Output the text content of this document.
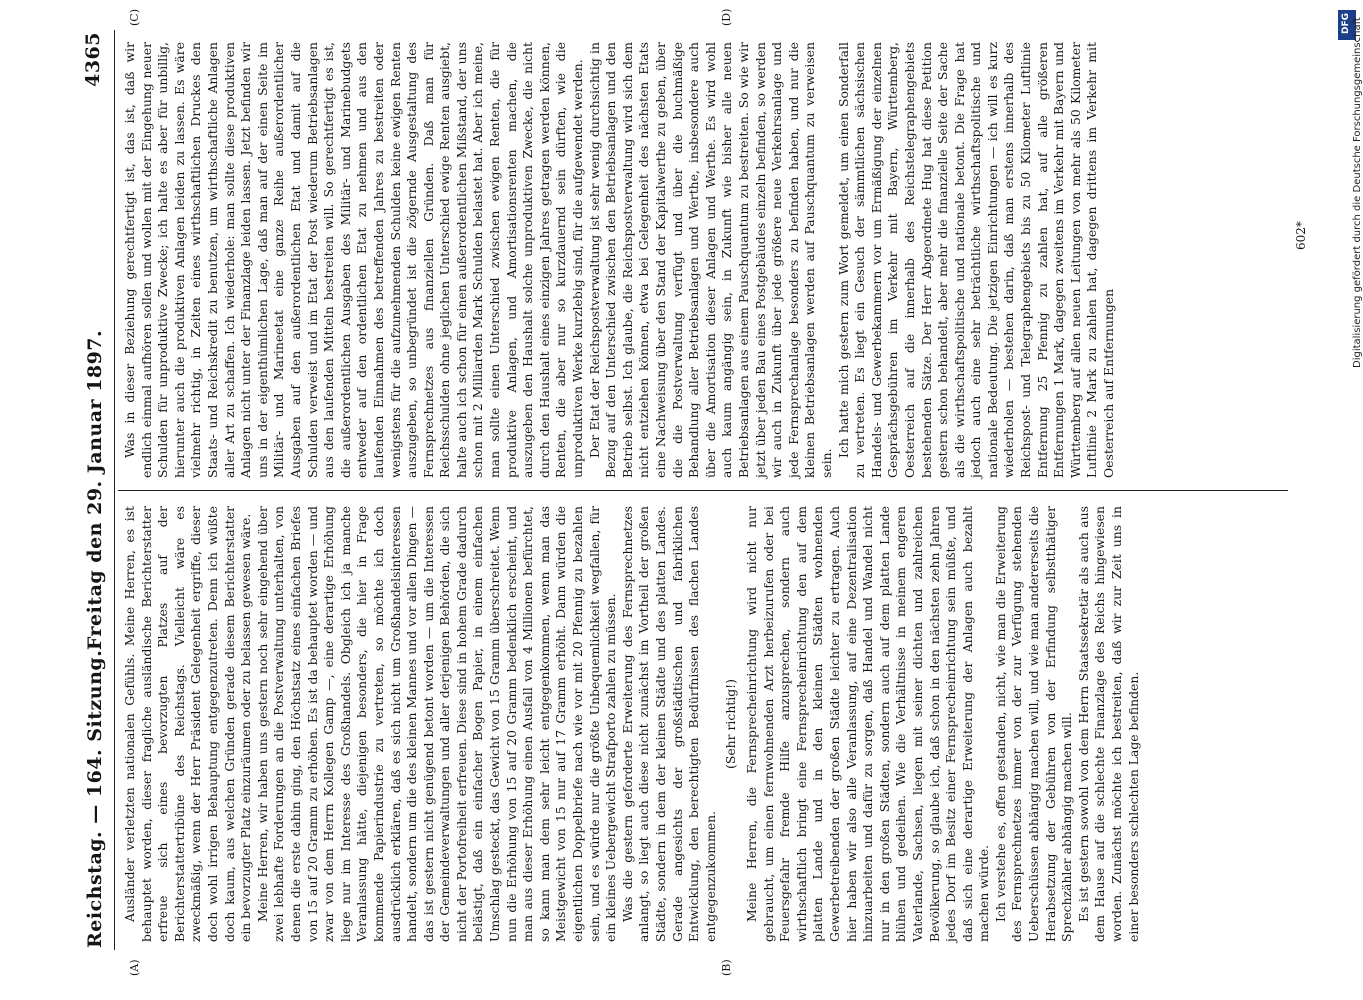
Reichstag. — 164. Sitzung.
Freitag den 29. Januar 1897.
4365
(A)	(B)
(C)	(D)

Ausländer verletzten nationalen Gefühls. Meine Herren, es ist behauptet worden, dieser fragliche ausländische Berichterstatter erfreue sich eines bevorzugten Platzes auf der Berichterstattertribüne des Reichstags. Vielleicht wäre es zweckmäßig, wenn der Herr Präsident Gelegenheit ergriffe, dieser doch wohl irrigen Behauptung entgegenzutreten. Denn ich wüßte doch kaum, aus welchen Gründen gerade diesem Berichterstatter ein bevorzugter Platz einzuräumen oder zu belassen gewesen wäre. Meine Herren, wir haben uns gestern noch sehr eingehend über zwei lebhafte Forderungen an die Postverwaltung unterhalten, von denen die erste dahin ging, den Höchstsatz eines einfachen Briefes von 15 auf 20 Gramm zu erhöhen. Es ist da behauptet worden — und zwar von dem Herrn Kollegen Gamp —, eine derartige Erhöhung liege nur im Interesse des Großhandels. Obgleich ich ja manche Veranlassung hätte, diejenigen besonders, die hier in Frage kommende Papierindustrie zu vertreten, so möchte ich doch ausdrücklich erklären, daß es sich nicht um Großhandelsinteressen handelt, sondern um die des kleinen Mannes und vor allen Dingen — das ist gestern nicht genügend betont worden — um die Interessen der Gemeindeverwaltungen und aller derjenigen Behörden, die sich nicht der Portofreiheit erfreuen. Diese sind in hohem Grade dadurch belästigt, daß ein einfacher Bogen Papier, in einem einfachen Umschlag gesteckt, das Gewicht von 15 Gramm überschreitet. Wenn nun die Erhöhung von 15 auf 20 Gramm bedenklich erscheint, und man aus dieser Erhöhung einen Ausfall von 4 Millionen befürchtet, so kann man dem sehr leicht entgegenkommen, wenn man das Meistgewicht von 15 nur auf 17 Gramm erhöht. Dann würden die eigentlichen Doppelbriefe nach wie vor mit 20 Pfennig zu bezahlen sein, und es würde nur die größte Unbequemlichkeit wegfallen, für ein kleines Uebergewicht Strafporto zahlen zu müssen. Was die gestern geforderte Erweiterung des Fernsprechnetzes anlangt, so liegt auch diese nicht zunächst im Vortheil der großen Städte, sondern in dem der kleinen Städte und des platten Landes. Gerade angesichts der großstädtischen und fabriklichen Entwicklung, den berechtigten Bedürfnissen des flachen Landes entgegenzukommen.

(Sehr richtig!) Meine Herren, die Fernsprecheinrichtung wird nicht nur gebraucht, um einen fernwohnenden Arzt herbeizurufen oder bei Feuersgefahr fremde Hilfe anzusprechen, sondern auch wirthschaftlich bringt eine Fernsprecheinrichtung den auf dem platten Lande und in den kleinen Städten wohnenden Gewerbetreibenden der großen Städte leichter zu ertragen. Auch hier haben wir also alle Veranlassung, auf eine Dezentralisation hinzuarbeiten und dafür zu sorgen, daß Handel und Wandel nicht nur in den großen Städten, sondern auch auf dem platten Lande blühen und gedeihen. Wie die Verhältnisse in meinem engeren Vaterlande, Sachsen, liegen mit seiner dichten und zahlreichen Bevölkerung, so glaube ich, daß schon in den nächsten zehn Jahren jedes Dorf im Besitz einer Fernsprecheinrichtung sein müßte, und daß sich eine derartige Erweiterung der Anlagen auch bezahlt machen würde. Ich verstehe es, offen gestanden, nicht, wie man die Erweiterung des Fernsprechnetzes immer von der zur Verfügung stehenden Ueberschüssen abhängig machen will, und wie man andererseits die Herabsetzung der Gebühren von der Erfindung selbstthätiger Sprechzähler abhängig machen will. Es ist gestern sowohl von dem Herrn Staatssekretär als auch aus dem Hause auf die schlechte Finanzlage des Reichs hingewiesen worden. Zunächst möchte ich bestreiten, daß wir zur Zeit uns in einer besonders schlechten Lage befinden.

Was in dieser Beziehung gerechtfertigt ist, das ist, daß wir endlich einmal aufhören sollen und wollen mit der Eingehung neuer Schulden für unproduktive Zwecke; ich halte es aber für unbillig, hierunter auch die produktiven Anlagen leiden zu lassen. Es wäre vielmehr richtig, in Zeiten eines wirthschaftlichen Druckes den Staats- und Reichskredit zu benutzen, um wirthschaftliche Anlagen aller Art zu schaffen. Ich wiederhole: man sollte diese produktiven Anlagen nicht unter der Finanzlage leiden lassen. Jetzt befinden wir uns in der eigenthümlichen Lage, daß man auf der einen Seite im Militär- und Marineetat eine ganze Reihe außerordentlicher Ausgaben auf den außerordentlichen Etat und damit auf die Schulden verweist und im Etat der Post wiederum Betriebsanlagen aus den laufenden Mitteln bestreiten will. So gerechtfertigt es ist, die außerordentlichen Ausgaben des Militär- und Marinebudgets entweder auf den ordentlichen Etat zu nehmen und aus den laufenden Einnahmen des betreffenden Jahres zu bestreiten oder wenigstens für die aufzunehmenden Schulden keine ewigen Renten auszugeben, so unbegründet ist die zögernde Ausgestaltung des Fernsprechnetzes aus finanziellen Gründen. Daß man für Reichsschulden ohne jeglichen Unterschied ewige Renten ausgiebt, halte auch ich schon für einen außerordentlichen Mißstand, der uns schon mit 2 Milliarden Mark Schulden belastet hat. Aber ich meine, man sollte einen Unterschied zwischen ewigen Renten, die für produktive Anlagen, und Amortisationsrenten machen, die auszugeben den Haushalt solche unproduktiven Zwecke, die nicht durch den Haushalt eines einzigen Jahres getragen werden können, Renten, die aber nur so kurzdauernd sein dürften, wie die unproduktiven Werke kurzlebig sind, für die aufgewendet werden. Der Etat der Reichspostverwaltung ist sehr wenig durchsichtig in Bezug auf den Unterschied zwischen den Betriebsanlagen und den Betrieb selbst. Ich glaube, die Reichspostverwaltung wird sich dem nicht entziehen können, etwa bei Gelegenheit des nächsten Etats eine Nachweisung über den Stand der Kapitalwerthe zu geben, über die die Postverwaltung verfügt und über die buchmäßige Behandlung aller Betriebsanlagen und Werthe, insbesondere auch über die Amortisation dieser Anlagen und Werthe. Es wird wohl auch kaum angängig sein, in Zukunft wie bisher alle neuen Betriebsanlagen aus einem Pauschquantum zu bestreiten. So wie wir jetzt über jeden Bau eines Postgebäudes einzeln befinden, so werden wir auch in Zukunft über jede größere neue Verkehrsanlage und jede Fernsprechanlage besonders zu befinden haben, und nur die kleinen Betriebsanlagen werden auf Pauschquantum zu verweisen sein.

Ich hatte mich gestern zum Wort gemeldet, um einen Sonderfall zu vertreten. Es liegt ein Gesuch der sämmtlichen sächsischen Handels- und Gewerbekammern vor um Ermäßigung der einzelnen Gesprächsgebühren im Verkehr mit Bayern, Württemberg, Oesterreich auf die innerhalb des Reichstelegraphengebiets bestehenden Sätze. Der Herr Abgeordnete Hug hat diese Petition gestern schon behandelt, aber mehr die finanzielle Seite der Sache als die wirthschaftspolitische und nationale betont. Die Frage hat jedoch auch eine sehr beträchtliche wirthschaftspolitische und nationale Bedeutung. Die jetzigen Einrichtungen — ich will es kurz wiederholen — bestehen darin, daß man erstens innerhalb des Reichspost- und Telegraphengebiets bis zu 50 Kilometer Luftlinie Entfernung 25 Pfennig zu zahlen hat, auf alle größeren Entfernungen 1 Mark, dagegen zweitens im Verkehr mit Bayern und Württemberg auf allen neuen Leitungen von mehr als 50 Kilometer Luftlinie 2 Mark zu zahlen hat, dagegen drittens im Verkehr mit Oesterreich auf Entfernungen

602*
DFG Digitalisierung gefördert durch die Deutsche Forschungsgemeinschaft
